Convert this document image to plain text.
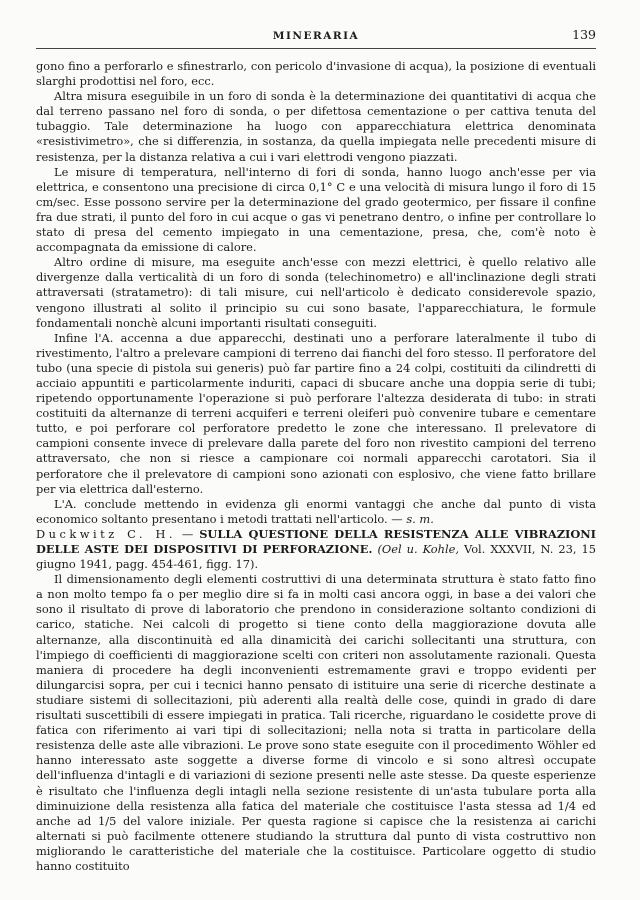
MINERARIA	139

gono fino a perforarlo e sfinestrarlo, con pericolo d'invasione di acqua), la posizione di eventuali slarghi prodottisi nel foro, ecc.

Altra misura eseguibile in un foro di sonda è la determinazione dei quantitativi di acqua che dal terreno passano nel foro di sonda, o per difettosa cementazione o per cattiva tenuta del tubaggio. Tale determinazione ha luogo con apparecchiatura elettrica denominata «resistivimetro», che si differenzia, in sostanza, da quella impiegata nelle precedenti misure di resistenza, per la distanza relativa a cui i vari elettrodi vengono piazzati.

Le misure di temperatura, nell'interno di fori di sonda, hanno luogo anch'esse per via elettrica, e consentono una precisione di circa 0,1° C e una velocità di misura lungo il foro di 15 cm/sec. Esse possono servire per la determinazione del grado geotermico, per fissare il confine fra due strati, il punto del foro in cui acque o gas vi penetrano dentro, o infine per controllare lo stato di presa del cemento impiegato in una cementazione, presa, che, com'è noto è accompagnata da emissione di calore.

Altro ordine di misure, ma eseguite anch'esse con mezzi elettrici, è quello relativo alle divergenze dalla verticalità di un foro di sonda (telechinometro) e all'inclinazione degli strati attraversati (stratametro): di tali misure, cui nell'articolo è dedicato considerevole spazio, vengono illustrati al solito il principio su cui sono basate, l'apparecchiatura, le formule fondamentali nonchè alcuni importanti risultati conseguiti.

Infine l'A. accenna a due apparecchi, destinati uno a perforare lateralmente il tubo di rivestimento, l'altro a prelevare campioni di terreno dai fianchi del foro stesso. Il perforatore del tubo (una specie di pistola sui generis) può far partire fino a 24 colpi, costituiti da cilindretti di acciaio appuntiti e particolarmente induriti, capaci di sbucare anche una doppia serie di tubi; ripetendo opportunamente l'operazione si può perforare l'altezza desiderata di tubo: in strati costituiti da alternanze di terreni acquiferi e terreni oleiferi può convenire tubare e cementare tutto, e poi perforare col perforatore predetto le zone che interessano. Il prelevatore di campioni consente invece di prelevare dalla parete del foro non rivestito campioni del terreno attraversato, che non si riesce a campionare coi normali apparecchi carotatori. Sia il perforatore che il prelevatore di campioni sono azionati con esplosivo, che viene fatto brillare per via elettrica dall'esterno.

L'A. conclude mettendo in evidenza gli enormi vantaggi che anche dal punto di vista economico soltanto presentano i metodi trattati nell'articolo. — s. m.

Duckwitz C. H. — SULLA QUESTIONE DELLA RESISTENZA ALLE VIBRAZIONI DELLE ASTE DEI DISPOSITIVI DI PERFORAZIONE. (Oel u. Kohle, Vol. XXXVII, N. 23, 15 giugno 1941, pagg. 454-461, figg. 17).

Il dimensionamento degli elementi costruttivi di una determinata struttura è stato fatto fino a non molto tempo fa o per meglio dire si fa in molti casi ancora oggi, in base a dei valori che sono il risultato di prove di laboratorio che prendono in considerazione soltanto condizioni di carico, statiche. Nei calcoli di progetto si tiene conto della maggiorazione dovuta alle alternanze, alla discontinuità ed alla dinamicità dei carichi sollecitanti una struttura, con l'impiego di coefficienti di maggiorazione scelti con criteri non assolutamente razionali. Questa maniera di procedere ha degli inconvenienti estremamente gravi e troppo evidenti per dilungarcisi sopra, per cui i tecnici hanno pensato di istituire una serie di ricerche destinate a studiare sistemi di sollecitazioni, più aderenti alla realtà delle cose, quindi in grado di dare risultati suscettibili di essere impiegati in pratica. Tali ricerche, riguardano le cosidette prove di fatica con riferimento ai vari tipi di sollecitazioni; nella nota si tratta in particolare della resistenza delle aste alle vibrazioni. Le prove sono state eseguite con il procedimento Wöhler ed hanno interessato aste soggette a diverse forme di vincolo e si sono altresì occupate dell'influenza d'intagli e di variazioni di sezione presenti nelle aste stesse. Da queste esperienze è risultato che l'influenza degli intagli nella sezione resistente di un'asta tubulare porta alla diminuizione della resistenza alla fatica del materiale che costituisce l'asta stessa ad 1/4 ed anche ad 1/5 del valore iniziale. Per questa ragione si capisce che la resistenza ai carichi alternati si può facilmente ottenere studiando la struttura dal punto di vista costruttivo non migliorando le caratteristiche del materiale che la costituisce. Particolare oggetto di studio hanno costituito
